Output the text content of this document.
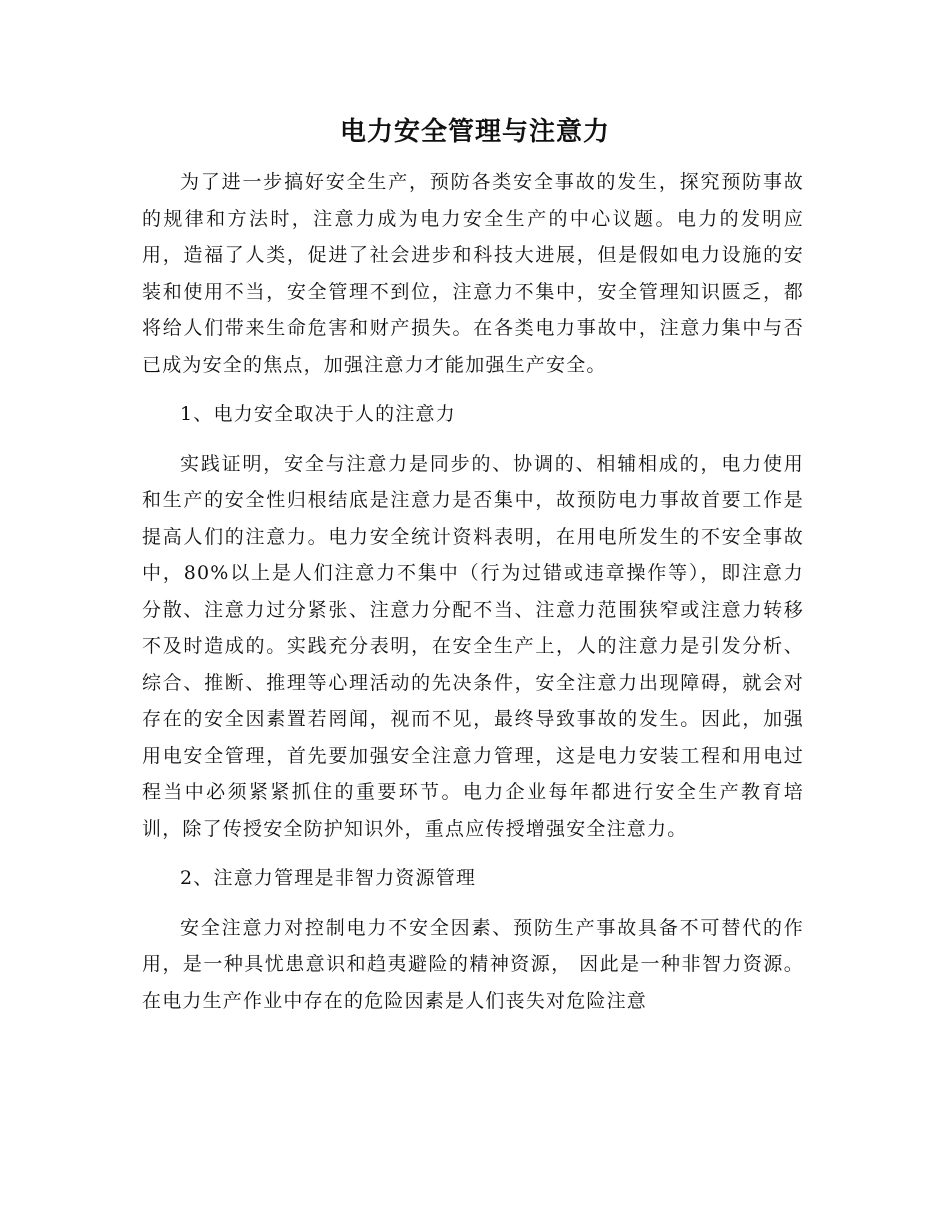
电力安全管理与注意力

为了进一步搞好安全生产，预防各类安全事故的发生，探究预防事故的规律和方法时，注意力成为电力安全生产的中心议题。电力的发明应用，造福了人类，促进了社会进步和科技大进展，但是假如电力设施的安装和使用不当，安全管理不到位，注意力不集中，安全管理知识匮乏，都将给人们带来生命危害和财产损失。在各类电力事故中，注意力集中与否已成为安全的焦点，加强注意力才能加强生产安全。

1、电力安全取决于人的注意力

实践证明，安全与注意力是同步的、协调的、相辅相成的，电力使用和生产的安全性归根结底是注意力是否集中，故预防电力事故首要工作是提高人们的注意力。电力安全统计资料表明，在用电所发生的不安全事故中，80%以上是人们注意力不集中（行为过错或违章操作等），即注意力分散、注意力过分紧张、注意力分配不当、注意力范围狭窄或注意力转移不及时造成的。实践充分表明，在安全生产上，人的注意力是引发分析、综合、推断、推理等心理活动的先决条件，安全注意力出现障碍，就会对存在的安全因素置若罔闻，视而不见，最终导致事故的发生。因此，加强用电安全管理，首先要加强安全注意力管理，这是电力安装工程和用电过程当中必须紧紧抓住的重要环节。电力企业每年都进行安全生产教育培训，除了传授安全防护知识外，重点应传授增强安全注意力。

2、注意力管理是非智力资源管理

安全注意力对控制电力不安全因素、预防生产事故具备不可替代的作用，是一种具忧患意识和趋夷避险的精神资源， 因此是一种非智力资源。在电力生产作业中存在的危险因素是人们丧失对危险注意
